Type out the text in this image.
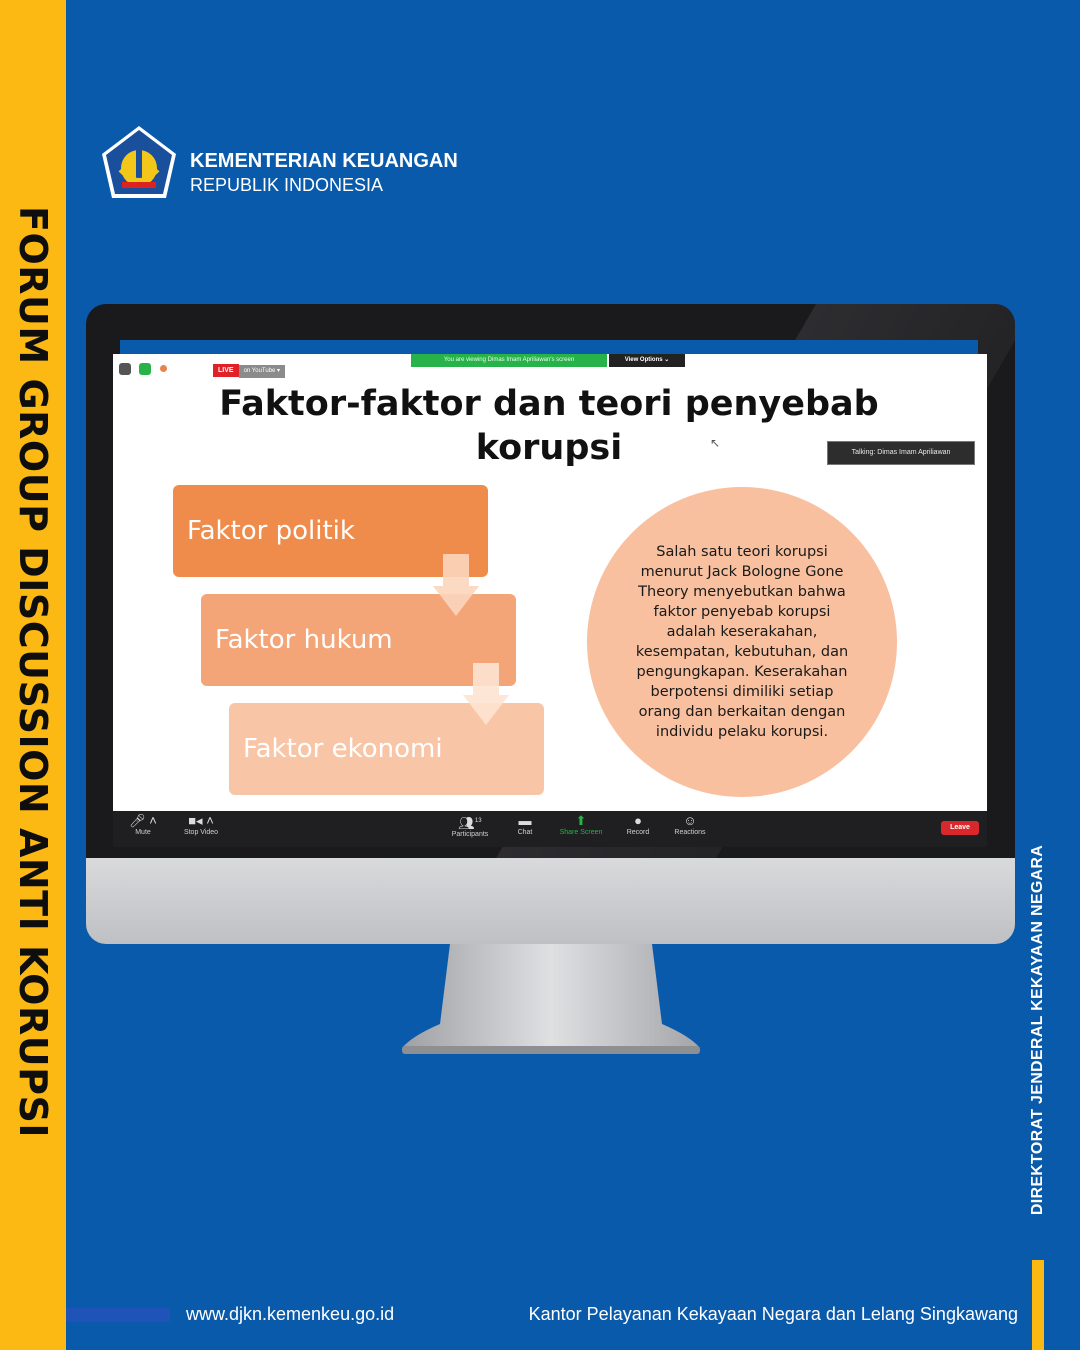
FORUM GROUP DISCUSSION ANTI KORUPSI
KEMENTERIAN KEUANGAN
REPUBLIK INDONESIA

LIVE on YouTube ▾
You are viewing Dimas Imam Apriliawan's screen	View Options ⌄
Faktor-faktor dan teori penyebab
korupsi	↖
Talking: Dimas Imam Apriliawan
Faktor politik
Faktor hukum
Faktor ekonomi
Salah satu teori korupsi
menurut Jack Bologne Gone
Theory menyebutkan bahwa
faktor penyebab korupsi
adalah keserakahan,
kesempatan, kebutuhan, dan
pengungkapan. Keserakahan
berpotensi dimiliki setiap
orang dan berkaitan dengan
individu pelaku korupsi.
🎤︎ ˄
Mute
■◂ ˄
Stop Video
👥︎$^{13}$
Participants
▬
Chat
⬆︎
Share Screen
●
Record
☺
Reactions
Leave
DIREKTORAT JENDERAL KEKAYAAN NEGARA
www.djkn.kemenkeu.go.id	Kantor Pelayanan Kekayaan Negara dan Lelang Singkawang
